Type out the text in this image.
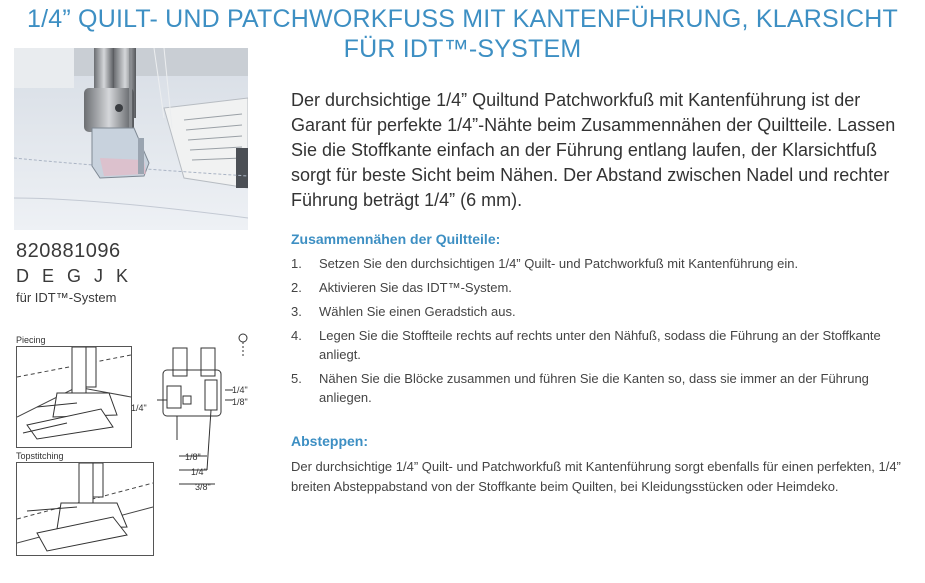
1/4” QUILT- UND PATCHWORKFUSS MIT KANTENFÜHRUNG, KLARSICHT FÜR IDT™-SYSTEM
820881096
D E G J K
für IDT™-System
Piecing
Topstitching
1/4"
1/4"
1/8"
1/8"
1/4"
3/8"

Der durchsichtige 1/4” Quiltund Patchworkfuß mit Kantenführung ist der Garant für perfekte 1/4”-Nähte beim Zusammennähen der Quiltteile. Lassen Sie die Stoffkante einfach an der Führung entlang laufen, der Klarsichtfuß sorgt für beste Sicht beim Nähen. Der Abstand zwischen Nadel und rechter Führung beträgt 1/4” (6 mm).

Zusammennähen der Quiltteile:
1.	Setzen Sie den durchsichtigen 1/4” Quilt- und Patchworkfuß mit Kantenführung ein.
2.	Aktivieren Sie das IDT™-System.
3.	Wählen Sie einen Geradstich aus.
4.	Legen Sie die Stoffteile rechts auf rechts unter den Nähfuß, sodass die Führung an der Stoffkante anliegt.
5.	Nähen Sie die Blöcke zusammen und führen Sie die Kanten so, dass sie immer an der Führung anliegen.
Absteppen:

Der durchsichtige 1/4” Quilt- und Patchworkfuß mit Kantenführung sorgt ebenfalls für einen perfekten, 1/4” breiten Absteppabstand von der Stoffkante beim Quilten, bei Kleidungsstücken oder Heimdeko.
